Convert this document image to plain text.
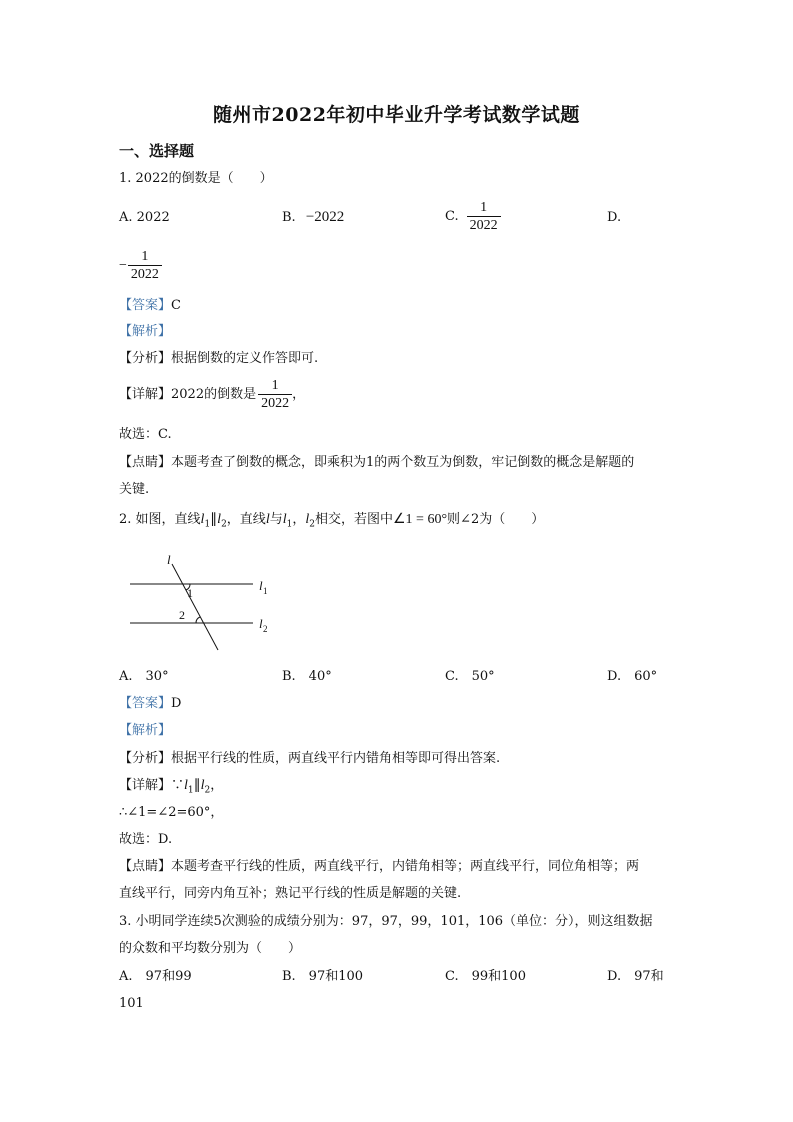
随州市2022年初中毕业升学考试数学试题
一、选择题
1. 2022的倒数是（　　）
A. 2022	B. −2022	C. $\frac{1}{2022}$	D.
− $\frac{1}{2022}$
【答案】C
【解析】
【分析】根据倒数的定义作答即可.
【详解】2022的倒数是 $\frac{1}{2022}$ ，
故选：C.
【点睛】本题考查了倒数的概念，即乘积为1的两个数互为倒数，牢记倒数的概念是解题的
关键.
2. 如图，直线$l_1\parallel l_2$，直线l与$l_1$，$l_2$相交，若图中∠1 = 60°则∠2为（　　）
l
l 1
l 2
1
2
A.　30°	B.　40°	C.　50°	D.　60°
【答案】D
【解析】
【分析】根据平行线的性质，两直线平行内错角相等即可得出答案.
【详解】$\because l_1\parallel l_2$，
∴∠1=∠2=60°，
故选：D.
【点睛】本题考查平行线的性质，两直线平行，内错角相等；两直线平行，同位角相等；两
直线平行，同旁内角互补；熟记平行线的性质是解题的关键.
3. 小明同学连续5次测验的成绩分别为：97，97，99，101，106（单位：分），则这组数据
的众数和平均数分别为（　　）
A.　97和99	B.　97和100	C.　99和100	D.　97和
101
